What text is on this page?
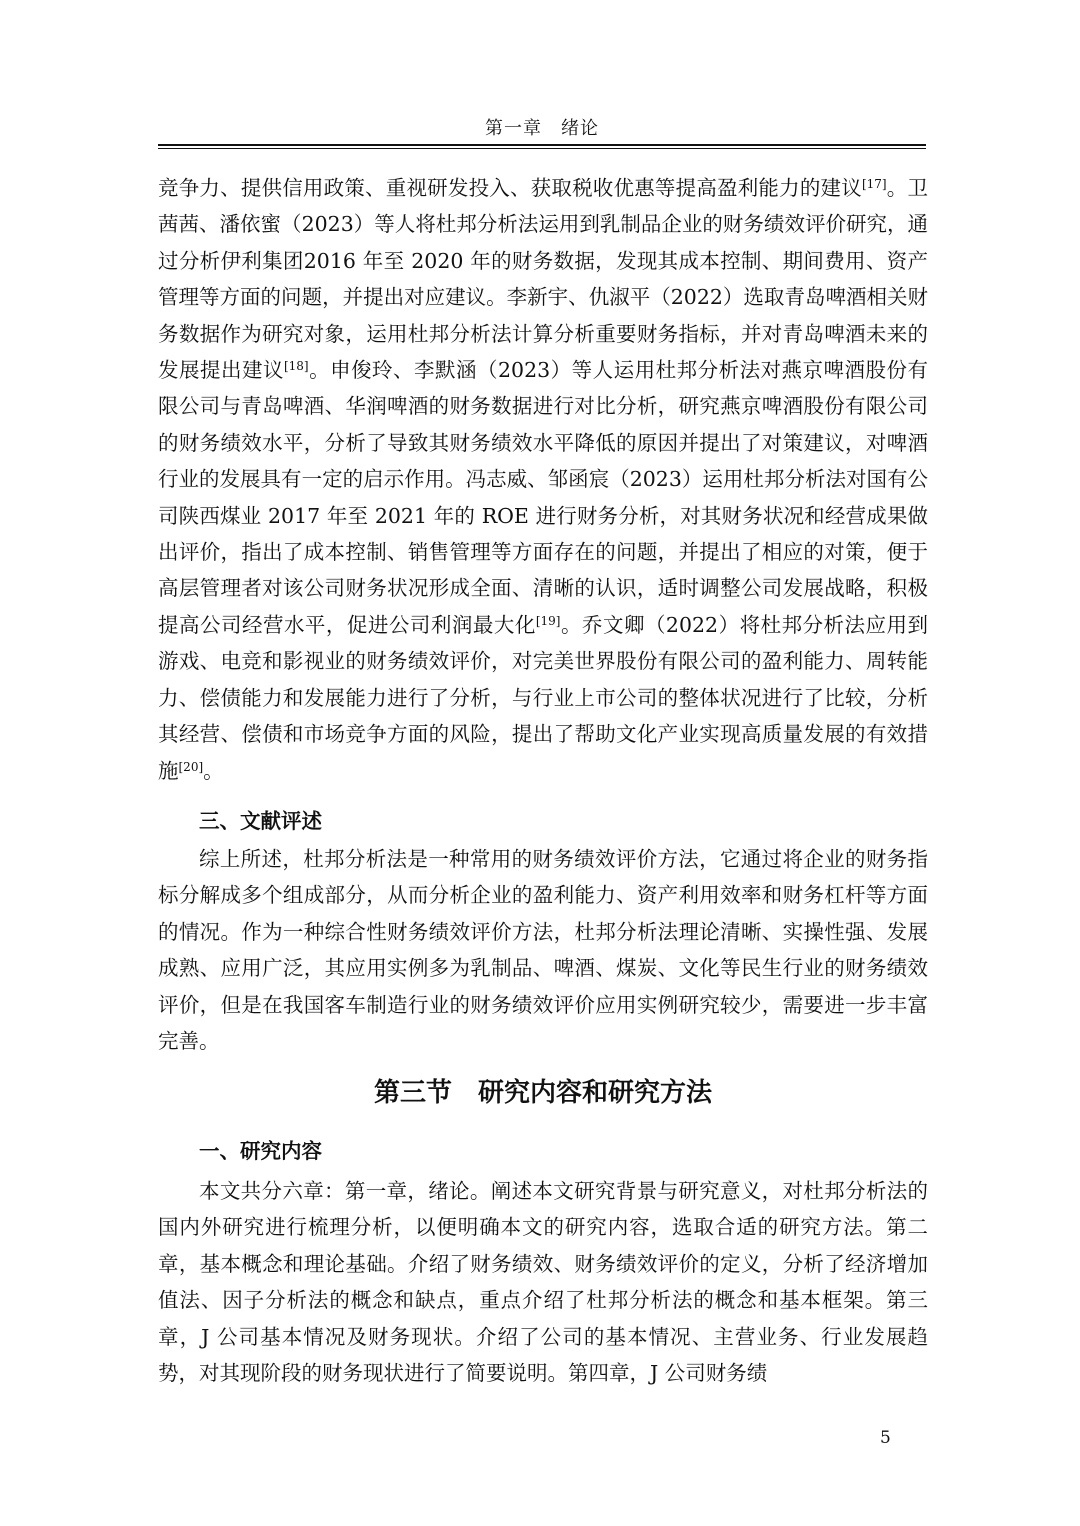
第一章　绪论

竞争力、提供信用政策、重视研发投入、获取税收优惠等提高盈利能力的建议[17]。卫茜茜、潘依蜜（2023）等人将杜邦分析法运用到乳制品企业的财务绩效评价研究，通过分析伊利集团2016 年至 2020 年的财务数据，发现其成本控制、期间费用、资产管理等方面的问题，并提出对应建议。李新宇、仇淑平（2022）选取青岛啤酒相关财务数据作为研究对象，运用杜邦分析法计算分析重要财务指标，并对青岛啤酒未来的发展提出建议[18]。申俊玲、李默涵（2023）等人运用杜邦分析法对燕京啤酒股份有限公司与青岛啤酒、华润啤酒的财务数据进行对比分析，研究燕京啤酒股份有限公司的财务绩效水平，分析了导致其财务绩效水平降低的原因并提出了对策建议，对啤酒行业的发展具有一定的启示作用。冯志威、邹函宸（2023）运用杜邦分析法对国有公司陕西煤业 2017 年至 2021 年的 ROE 进行财务分析，对其财务状况和经营成果做出评价，指出了成本控制、销售管理等方面存在的问题，并提出了相应的对策，便于高层管理者对该公司财务状况形成全面、清晰的认识，适时调整公司发展战略，积极提高公司经营水平，促进公司利润最大化[19]。乔文卿（2022）将杜邦分析法应用到游戏、电竞和影视业的财务绩效评价，对完美世界股份有限公司的盈利能力、周转能力、偿债能力和发展能力进行了分析，与行业上市公司的整体状况进行了比较，分析其经营、偿债和市场竞争方面的风险，提出了帮助文化产业实现高质量发展的有效措施[20]。

三、文献评述

综上所述，杜邦分析法是一种常用的财务绩效评价方法，它通过将企业的财务指标分解成多个组成部分，从而分析企业的盈利能力、资产利用效率和财务杠杆等方面的情况。作为一种综合性财务绩效评价方法，杜邦分析法理论清晰、实操性强、发展成熟、应用广泛，其应用实例多为乳制品、啤酒、煤炭、文化等民生行业的财务绩效评价，但是在我国客车制造行业的财务绩效评价应用实例研究较少，需要进一步丰富完善。

第三节　研究内容和研究方法
一、研究内容

本文共分六章：第一章，绪论。阐述本文研究背景与研究意义，对杜邦分析法的国内外研究进行梳理分析，以便明确本文的研究内容，选取合适的研究方法。第二章，基本概念和理论基础。介绍了财务绩效、财务绩效评价的定义，分析了经济增加值法、因子分析法的概念和缺点，重点介绍了杜邦分析法的概念和基本框架。第三章，J 公司基本情况及财务现状。介绍了公司的基本情况、主营业务、行业发展趋势，对其现阶段的财务现状进行了简要说明。第四章，J 公司财务绩

5
